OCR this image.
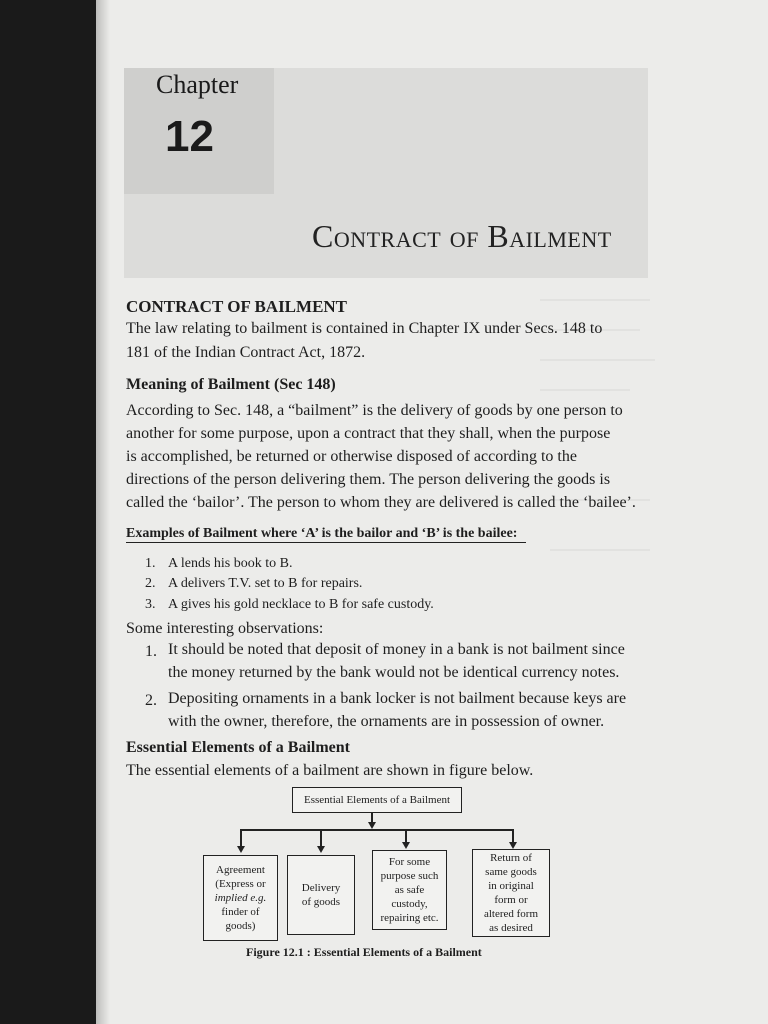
Chapter
12
Contract of Bailment
CONTRACT OF BAILMENT
The law relating to bailment is contained in Chapter IX under Secs. 148 to
181 of the Indian Contract Act, 1872.
Meaning of Bailment (Sec 148)
According to Sec. 148, a “bailment” is the delivery of goods by one person to
another for some purpose, upon a contract that they shall, when the purpose
is accomplished, be returned or otherwise disposed of according to the
directions of the person delivering them. The person delivering the goods is
called the ‘bailor’. The person to whom they are delivered is called the ‘bailee’.
Examples of Bailment where ‘A’ is the bailor and ‘B’ is the bailee:
1. A lends his book to B.
2. A delivers T.V. set to B for repairs.
3. A gives his gold necklace to B for safe custody.
Some interesting observations:
1. It should be noted that deposit of money in a bank is not bailment since
the money returned by the bank would not be identical currency notes.
2. Depositing ornaments in a bank locker is not bailment because keys are
with the owner, therefore, the ornaments are in possession of owner.
Essential Elements of a Bailment
The essential elements of a bailment are shown in figure below.
Essential Elements of a Bailment
Agreement
(Express or
implied e.g.
finder of
goods)
Delivery
of goods
For some
purpose such
as safe
custody,
repairing etc.
Return of
same goods
in original
form or
altered form
as desired
Figure 12.1 : Essential Elements of a Bailment
